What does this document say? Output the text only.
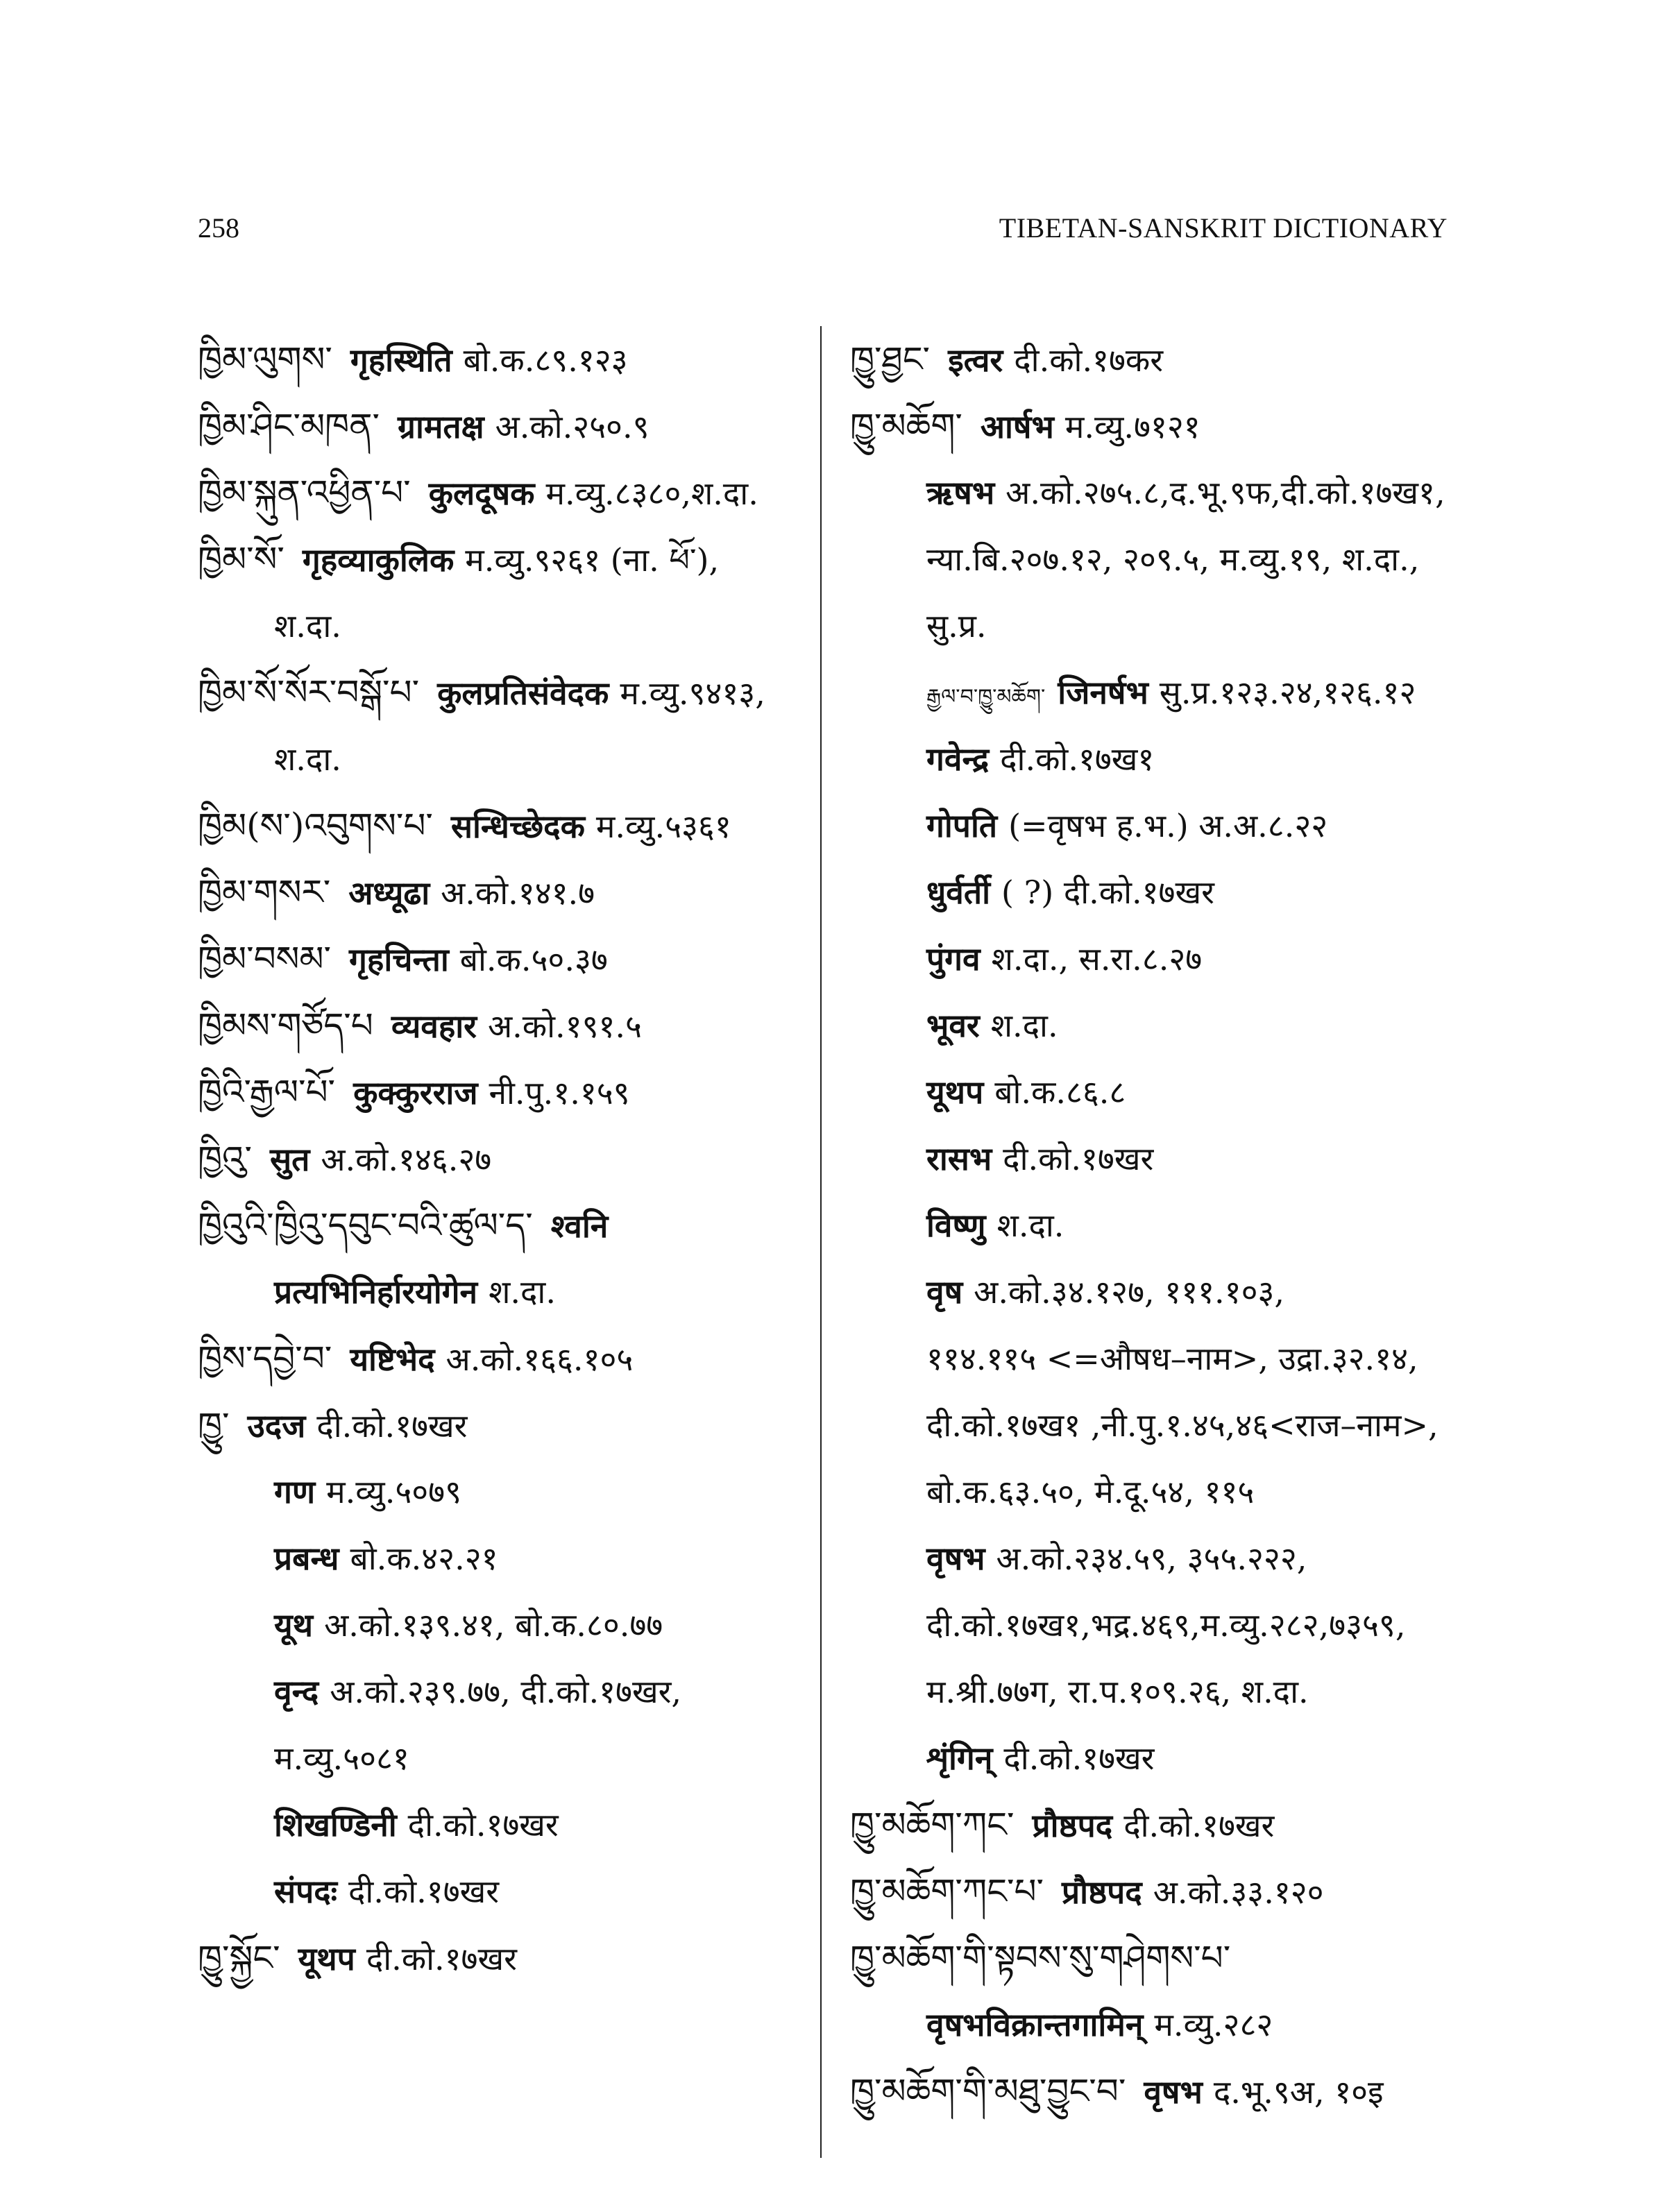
258	TIBETAN-SANSKRIT DICTIONARY
ཁྱིམ་ལུགས་ गृहस्थिति बो.क.८९.१२३
ཁྱིམ་ཤིང་མཁན་ ग्रामतक्ष अ.को.२५०.९
ཁྱིམ་སྐུན་འཕྱིན་པ་ कुलदूषक म.व्यु.८३८०,श.दा.
ཁྱིམ་སོ་ गृहव्याकुलिक म.व्यु.९२६१ (ना. ཕོ་),
श.दा.
ཁྱིམ་སོ་སོར་བསྒོ་པ་ कुलप्रतिसंवेदक म.व्यु.९४१३,
श.दा.
ཁྱིམ(ས་)འབུགས་པ་ सन्धिच्छेदक म.व्यु.५३६१
ཁྱིམ་གསར་ अध्यूढा अ.को.१४१.७
ཁྱིམ་བསམ་ गृहचिन्ता बो.क.५०.३७
ཁྱིམས་གཙོད་པ व्यवहार अ.को.१९१.५
ཁྱིའི་རྒྱལ་པོ་ कुक्कुरराज नी.पु.१.१५९
ཁྱིའུ་ सुत अ.को.१४६.२७
ཁྱིའུའི་ཁྱིའུ་དབུང་བའི་ཚུལ་ད་ श्वनि
प्रत्यभिनिर्हारयोगेन श.दा.
ཁྱིས་དབྱེ་བ་ यष्टिभेद अ.को.१६६.१०५
ཁྱུ་ उदज दी.को.१७खर
गण म.व्यु.५०७९
प्रबन्ध बो.क.४२.२१
यूथ अ.को.१३९.४१, बो.क.८०.७७
वृन्द अ.को.२३९.७७, दी.को.१७खर,
म.व्यु.५०८१
शिखण्डिनी दी.को.१७खर
संपदः दी.को.१७खर
ཁྱུ་སྐྱོང་ यूथप दी.को.१७खर
ཁྱུ་ཐྱང་ इत्वर दी.को.१७कर
ཁྱུ་མཆོག་ आर्षभ म.व्यु.७१२१
ऋषभ अ.को.२७५.८,द.भू.९फ,दी.को.१७ख१,
न्या.बि.२०७.१२, २०९.५, म.व्यु.१९, श.दा.,
सु.प्र.
རྒྱལ་བ་ཁྱུ་མཆོག་ जिनर्षभ सु.प्र.१२३.२४,१२६.१२
गवेन्द्र दी.को.१७ख१
गोपति (=वृषभ ह.भ.) अ.अ.८.२२
धुर्वर्ती ( ?) दी.को.१७खर
पुंगव श.दा., स.रा.८.२७
भूवर श.दा.
यूथप बो.क.८६.८
रासभ दी.को.१७खर
विष्णु श.दा.
वृष अ.को.३४.१२७, १११.१०३,
११४.११५ <=औषध–नाम>, उद्रा.३२.१४,
दी.को.१७ख१ ,नी.पु.१.४५,४६<राज–नाम>,
बो.क.६३.५०, मे.दू.५४, ११५
वृषभ अ.को.२३४.५९, ३५५.२२२,
दी.को.१७ख१,भद्र.४६९,म.व्यु.२८२,७३५९,
म.श्री.७७ग, रा.प.१०९.२६, श.दा.
शृंगिन् दी.को.१७खर
ཁྱུ་མཆོག་ཀང་ प्रौष्ठपद दी.को.१७खर
ཁྱུ་མཆོག་ཀང་པ་ प्रौष्ठपद अ.को.३३.१२०
ཁྱུ་མཆོག་གི་སྟབས་སུ་གཤེགས་པ་
वृषभविक्रान्तगामिन् म.व्यु.२८२
ཁྱུ་མཆོག་གི་མཐུ་བྱུང་བ་ वृषभ द.भू.९अ, १०इ
